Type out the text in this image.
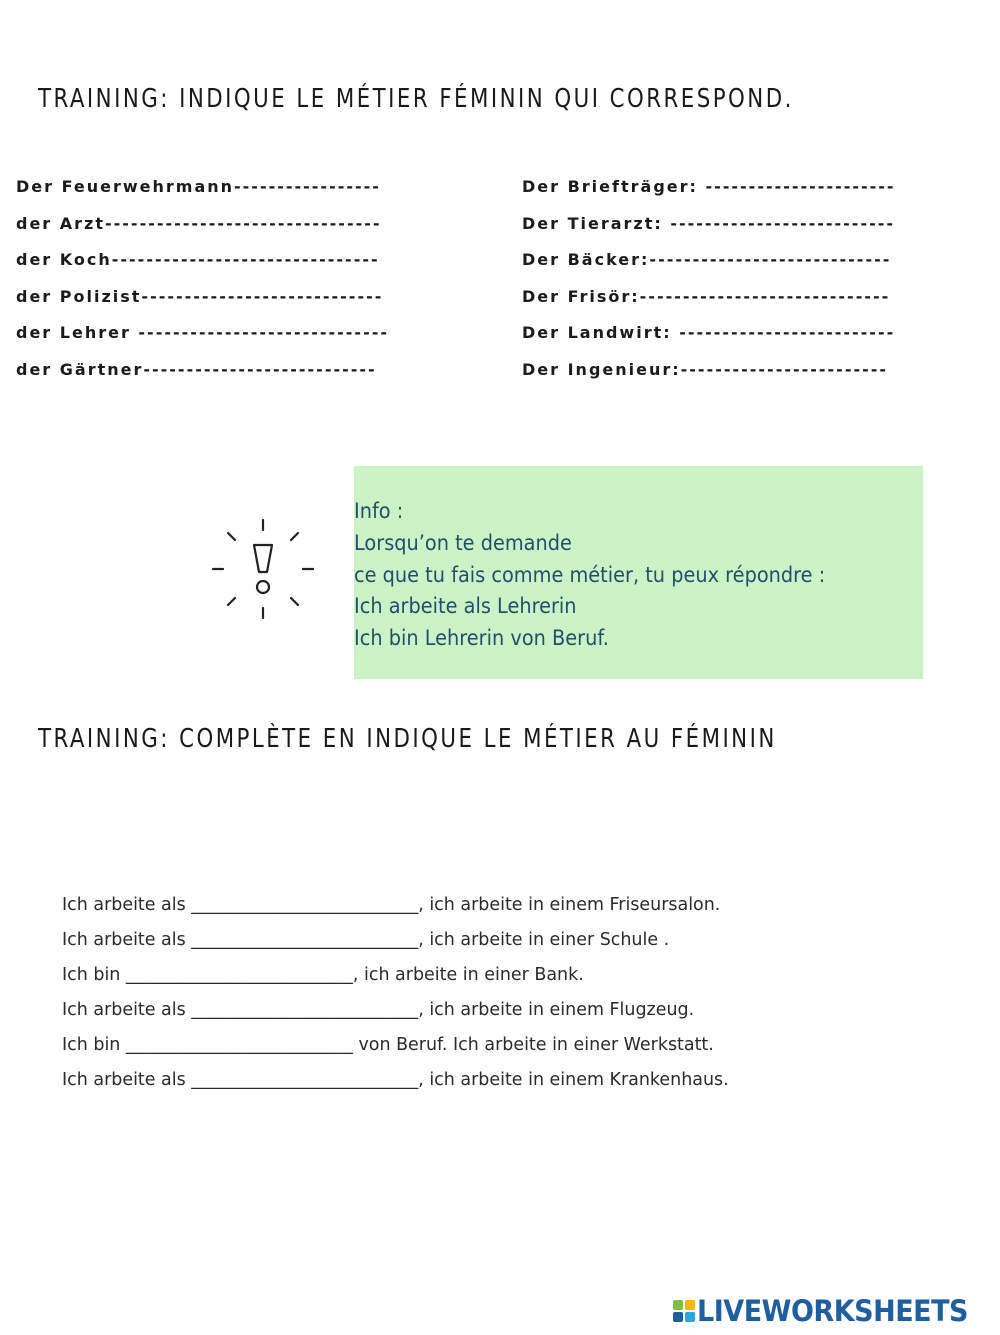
TRAINING: INDIQUE LE MÉTIER FÉMININ QUI CORRESPOND.
Der Feuerwehrmann-----------------
der Arzt--------------------------------
der Koch-------------------------------
der Polizist----------------------------
der Lehrer -----------------------------
der Gärtner---------------------------
Der Briefträger: ----------------------
Der Tierarzt: --------------------------
Der Bäcker:----------------------------
Der Frisör:-----------------------------
Der Landwirt: -------------------------
Der Ingenieur:------------------------
Info :
Lorsqu’on te demande
ce que tu fais comme métier, tu peux répondre :
Ich arbeite als Lehrerin
Ich bin Lehrerin von Beruf.
TRAINING: COMPLÈTE EN INDIQUE LE MÉTIER AU FÉMININ
Ich arbeite als __________________________, ich arbeite in einem Friseursalon.
Ich arbeite als __________________________, ich arbeite in einer Schule .
Ich bin __________________________, ich arbeite in einer Bank.
Ich arbeite als __________________________, ich arbeite in einem Flugzeug.
Ich bin __________________________ von Beruf. Ich arbeite in einer Werkstatt.
Ich arbeite als __________________________, ich arbeite in einem Krankenhaus.
LIVEWORKSHEETS
